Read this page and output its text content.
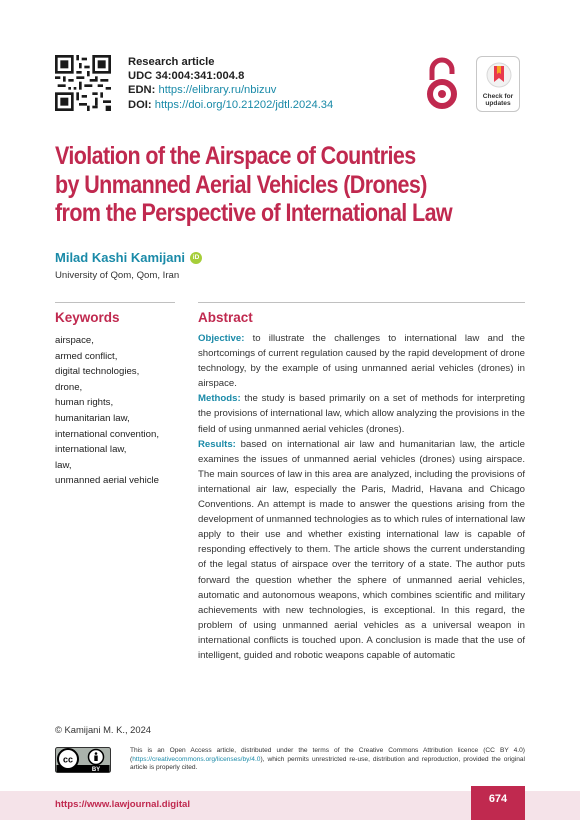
Research article
UDC 34:004:341:004.8
EDN: https://elibrary.ru/nbizuv
DOI: https://doi.org/10.21202/jdtl.2024.34
Check for
updates
Violation of the Airspace of Countries
by Unmanned Aerial Vehicles (Drones)
from the Perspective of International Law
Milad Kashi Kamijani	iD
University of Qom, Qom, Iran
Keywords
airspace,
armed conflict,
digital technologies,
drone,
human rights,
humanitarian law,
international convention,
international law,
law,
unmanned aerial vehicle
Abstract

Objective: to illustrate the challenges to international law and the shortcomings of current regulation caused by the rapid development of drone technology, by the example of using unmanned aerial vehicles (drones) in airspace.

Methods: the study is based primarily on a set of methods for interpreting the provisions of international law, which allow analyzing the provisions in the field of using unmanned aerial vehicles (drones).

Results: based on international air law and humanitarian law, the article examines the issues of unmanned aerial vehicles (drones) using airspace. The main sources of law in this area are analyzed, including the provisions of international air law, especially the Paris, Madrid, Havana and Chicago Conventions. An attempt is made to answer the questions arising from the development of unmanned technologies as to which rules of international law apply to their use and whether existing international law is capable of responding effectively to them. The article shows the current understanding of the legal status of airspace over the territory of a state. The author puts forward the question whether the sphere of unmanned aerial vehicles, automatic and autonomous weapons, which combines scientific and military achievements with new technologies, is exceptional. In this regard, the problem of using unmanned aerial vehicles as a universal weapon in international conflicts is touched upon. A conclusion is made that the use of intelligent, guided and robotic weapons capable of automatic

© Kamijani M. K., 2024
cc
BY
This is an Open Access article, distributed under the terms of the Creative Commons Attribution licence (CC BY 4.0) (https://creativecommons.org/licenses/by/4.0), which permits unrestricted re-use, distribution and reproduction, provided the original article is properly cited.
https://www.lawjournal.digital	674
